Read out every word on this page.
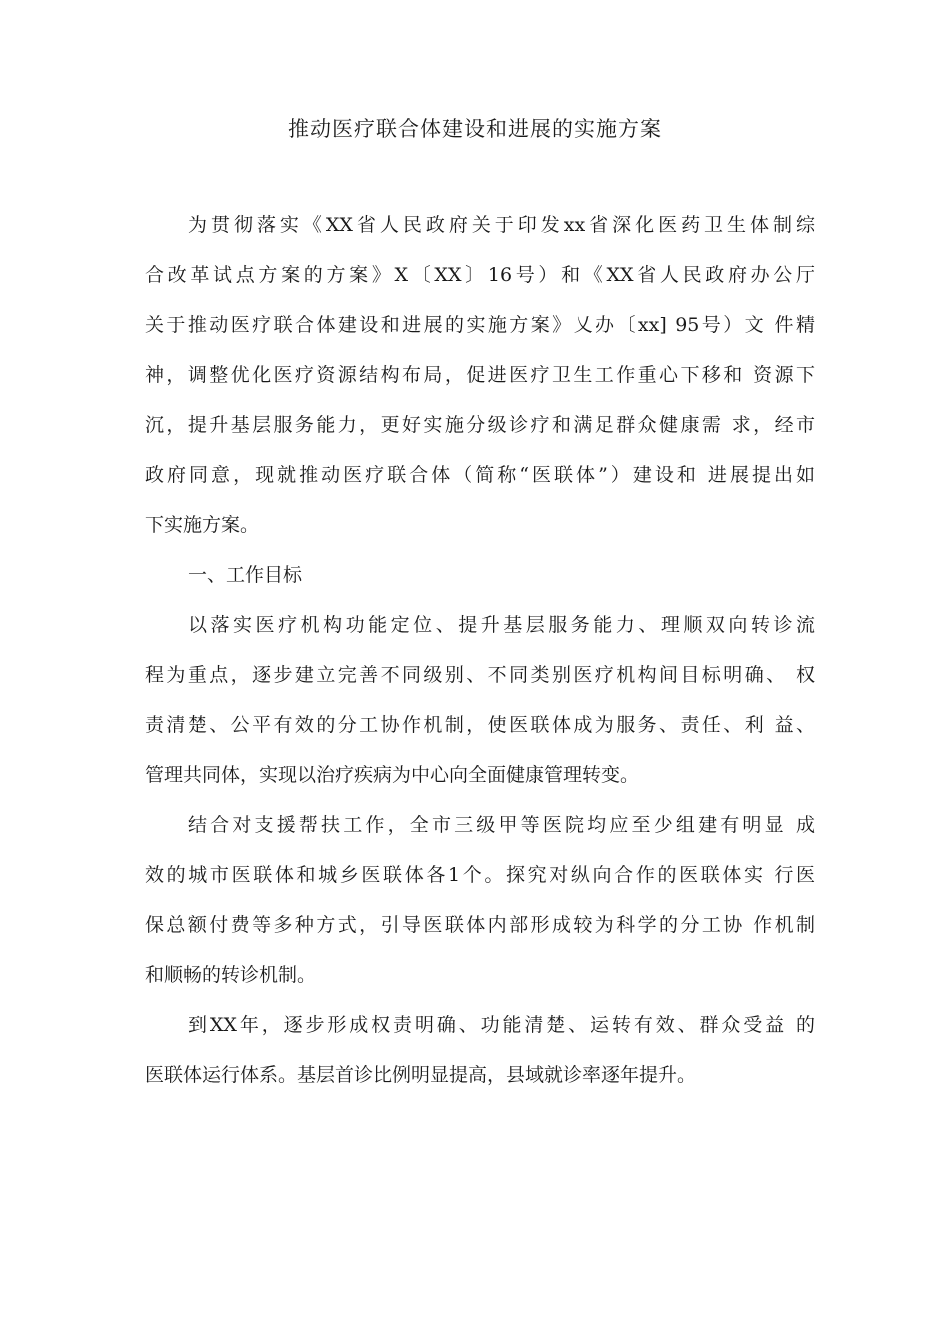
推动医疗联合体建设和进展的实施方案
为贯彻落实《XX省人民政府关于印发xx省深化医药卫生体制综
合改革试点方案的方案》X〔XX〕16号）和《XX省人民政府办公厅
关于推动医疗联合体建设和进展的实施方案》乂办〔xx] 95号）文 件精
神，调整优化医疗资源结构布局，促进医疗卫生工作重心下移和 资源下
沉，提升基层服务能力，更好实施分级诊疗和满足群众健康需 求，经市
政府同意，现就推动医疗联合体（简称“医联体”）建设和 进展提出如
下实施方案。
一、工作目标
以落实医疗机构功能定位、提升基层服务能力、理顺双向转诊流
程为重点，逐步建立完善不同级别、不同类别医疗机构间目标明确、 权
责清楚、公平有效的分工协作机制，使医联体成为服务、责任、利 益、
管理共同体，实现以治疗疾病为中心向全面健康管理转变。
结合对支援帮扶工作，全市三级甲等医院均应至少组建有明显 成
效的城市医联体和城乡医联体各1个。探究对纵向合作的医联体实 行医
保总额付费等多种方式，引导医联体内部形成较为科学的分工协 作机制
和顺畅的转诊机制。
到XX年，逐步形成权责明确、功能清楚、运转有效、群众受益 的
医联体运行体系。基层首诊比例明显提高，县域就诊率逐年提升。
